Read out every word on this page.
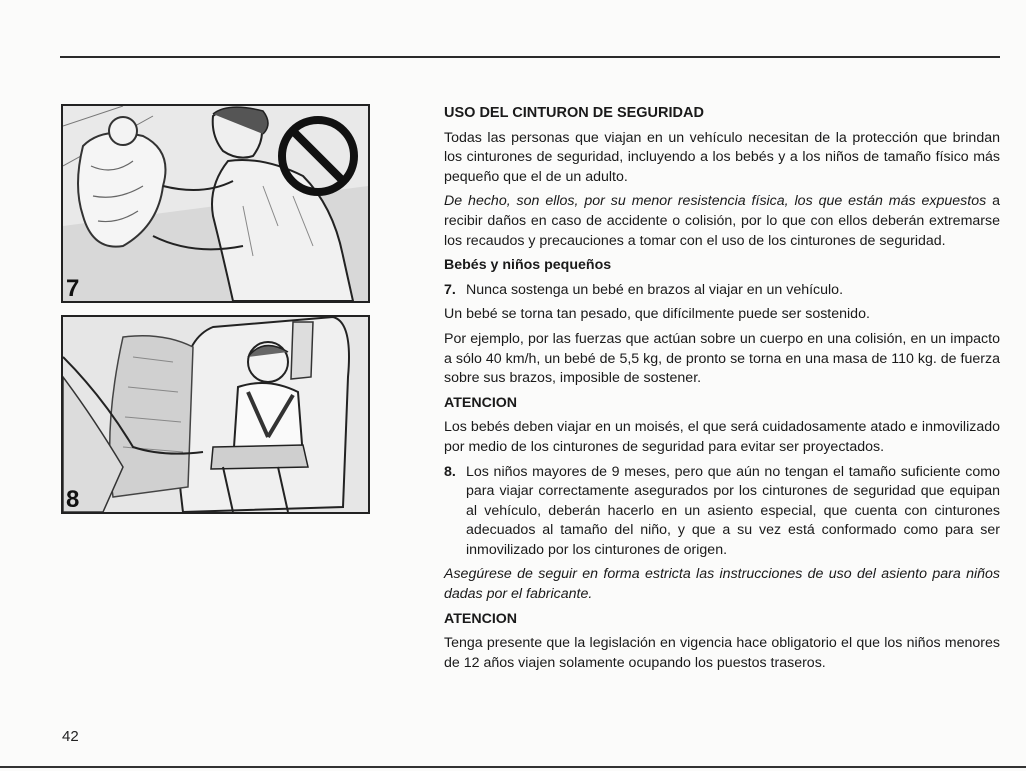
7
8

USO DEL CINTURON DE SEGURIDAD

Todas las personas que viajan en un vehículo necesitan de la protección que brindan los cinturones de seguridad, incluyendo a los bebés y a los niños de tamaño físico más pequeño que el de un adulto.

De hecho, son ellos, por su menor resistencia física, los que están más expuestos a recibir daños en caso de accidente o colisión, por lo que con ellos deberán extremarse los recaudos y precauciones a tomar con el uso de los cinturones de seguridad.

Bebés y niños pequeños

7. Nunca sostenga un bebé en brazos al viajar en un vehículo.

Un bebé se torna tan pesado, que difícilmente puede ser sostenido.

Por ejemplo, por las fuerzas que actúan sobre un cuerpo en una colisión, en un impacto a sólo 40 km/h, un bebé de 5,5 kg, de pronto se torna en una masa de 110 kg. de fuerza sobre sus brazos, imposible de sostener.

ATENCION

Los bebés deben viajar en un moisés, el que será cuidadosamente atado e inmovilizado por medio de los cinturones de seguridad para evitar ser proyectados.

8. Los niños mayores de 9 meses, pero que aún no tengan el tamaño suficiente como para viajar correctamente asegurados por los cinturones de seguridad que equipan al vehículo, deberán hacerlo en un asiento especial, que cuenta con cinturones adecuados al tamaño del niño, y que a su vez está conformado como para ser inmovilizado por los cinturones de origen.

Asegúrese de seguir en forma estricta las instrucciones de uso del asiento para niños dadas por el fabricante.

ATENCION

Tenga presente que la legislación en vigencia hace obligatorio el que los niños menores de 12 años viajen solamente ocupando los puestos traseros.

42
